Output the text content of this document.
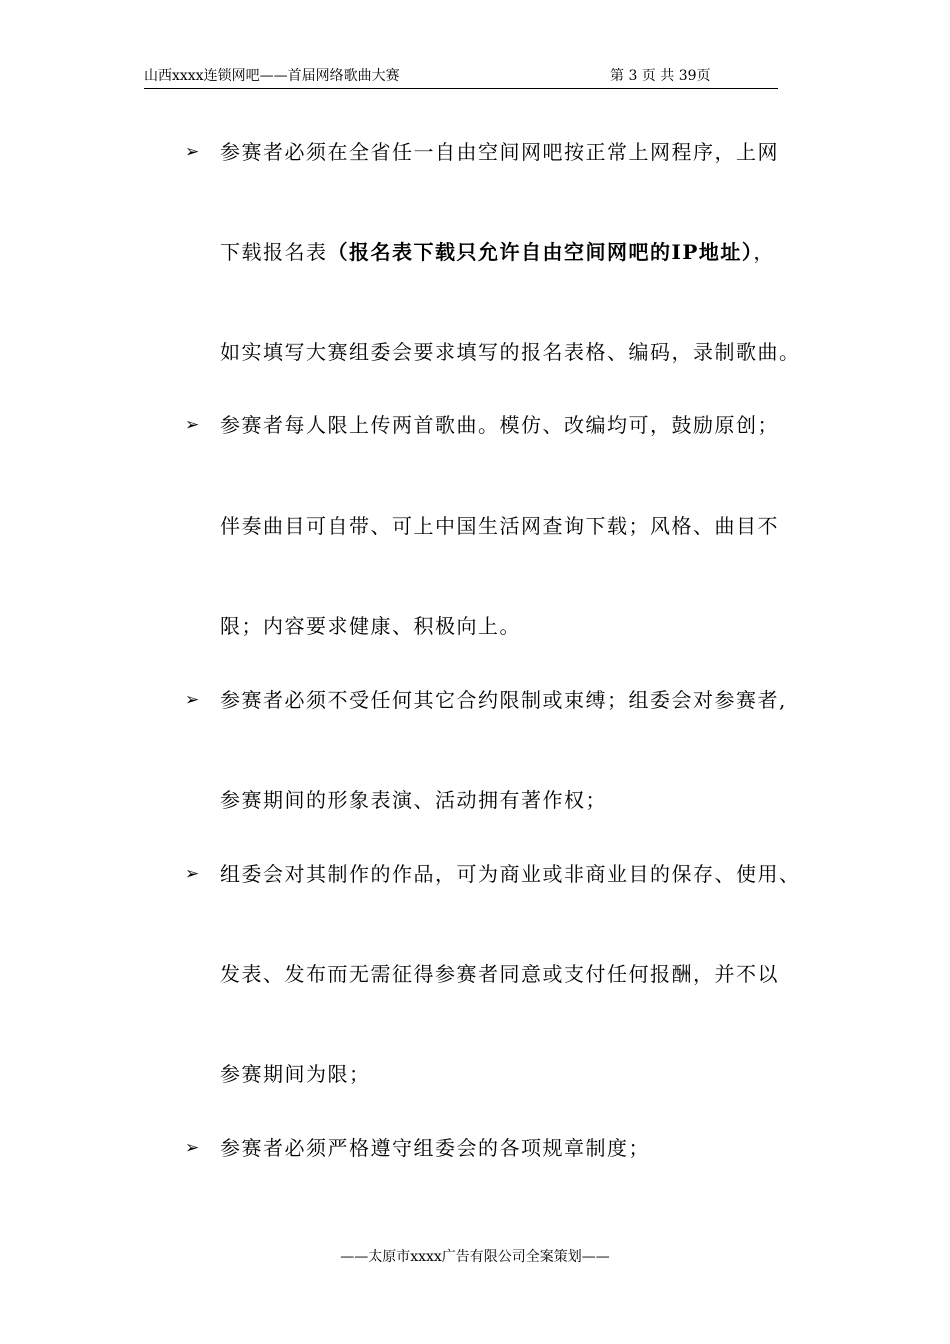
山西xxxx连锁网吧——首届网络歌曲大赛	第 3 页 共 39页
➢ 参赛者必须在全省任一自由空间网吧按正常上网程序，上网
下载报名表（报名表下载只允许自由空间网吧的IP地址），
如实填写大赛组委会要求填写的报名表格、编码，录制歌曲。
➢ 参赛者每人限上传两首歌曲。模仿、改编均可，鼓励原创；
伴奏曲目可自带、可上中国生活网查询下载；风格、曲目不
限；内容要求健康、积极向上。
➢ 参赛者必须不受任何其它合约限制或束缚；组委会对参赛者,
参赛期间的形象表演、活动拥有著作权；
➢ 组委会对其制作的作品，可为商业或非商业目的保存、使用、
发表、发布而无需征得参赛者同意或支付任何报酬，并不以
参赛期间为限；
➢ 参赛者必须严格遵守组委会的各项规章制度；
——太原市xxxx广告有限公司全案策划——
